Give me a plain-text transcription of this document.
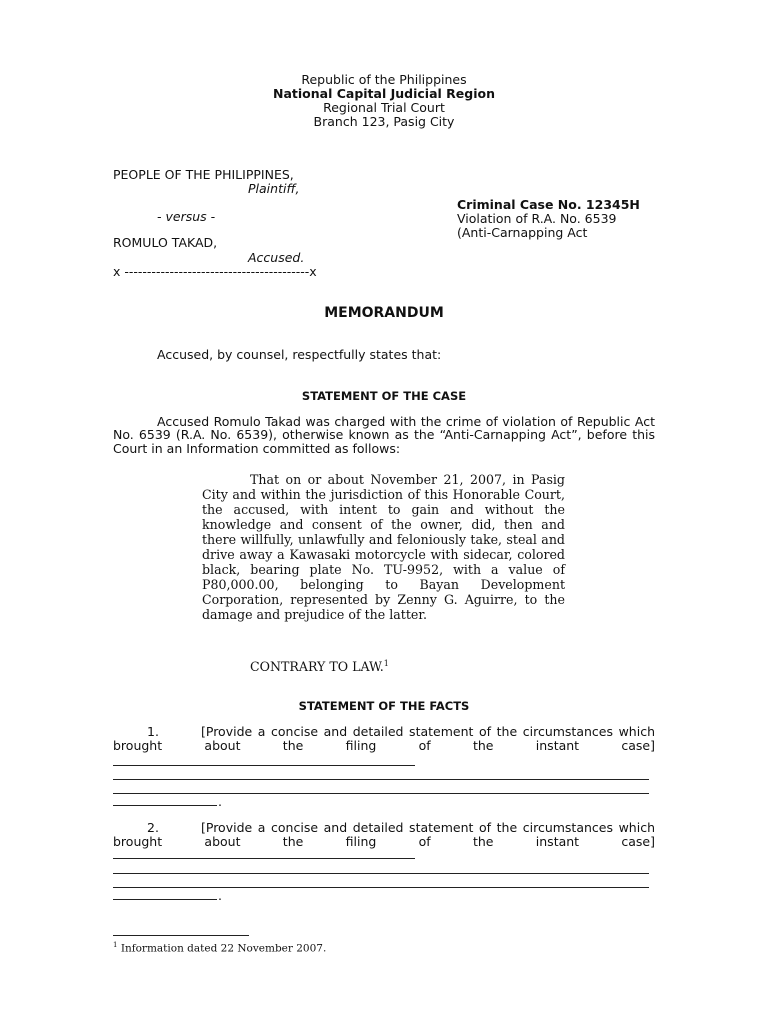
Republic of the Philippines
National Capital Judicial Region
Regional Trial Court
Branch 123, Pasig City
PEOPLE OF THE PHILIPPINES,
Plaintiff,
- versus -
ROMULO TAKAD,
Accused.
x -----------------------------------------x
Criminal Case No. 12345H
Violation of R.A. No. 6539
(Anti-Carnapping Act
MEMORANDUM
Accused, by counsel, respectfully states that:
STATEMENT OF THE CASE
Accused Romulo Takad was charged with the crime of violation of Republic Act No. 6539 (R.A. No. 6539), otherwise known as the “Anti-Carnapping Act”, before this Court in an Information committed as follows:

That on or about November 21, 2007, in Pasig City and within the jurisdiction of this Honorable Court, the accused, with intent to gain and without the knowledge and consent of the owner, did, then and there willfully, unlawfully and feloniously take, steal and drive away a Kawasaki motorcycle with sidecar, colored black, bearing plate No. TU-9952, with a value of P80,000.00, belonging to Bayan Development Corporation, represented by Zenny G. Aguirre, to the damage and prejudice of the latter.

CONTRARY TO LAW.$^1$
STATEMENT OF THE FACTS
1.	[Provide a concise and detailed statement of the circumstances which
brought about the filing of the instant case]
.
2.	[Provide a concise and detailed statement of the circumstances which
brought about the filing of the instant case]
.
$^1$ Information dated 22 November 2007.
